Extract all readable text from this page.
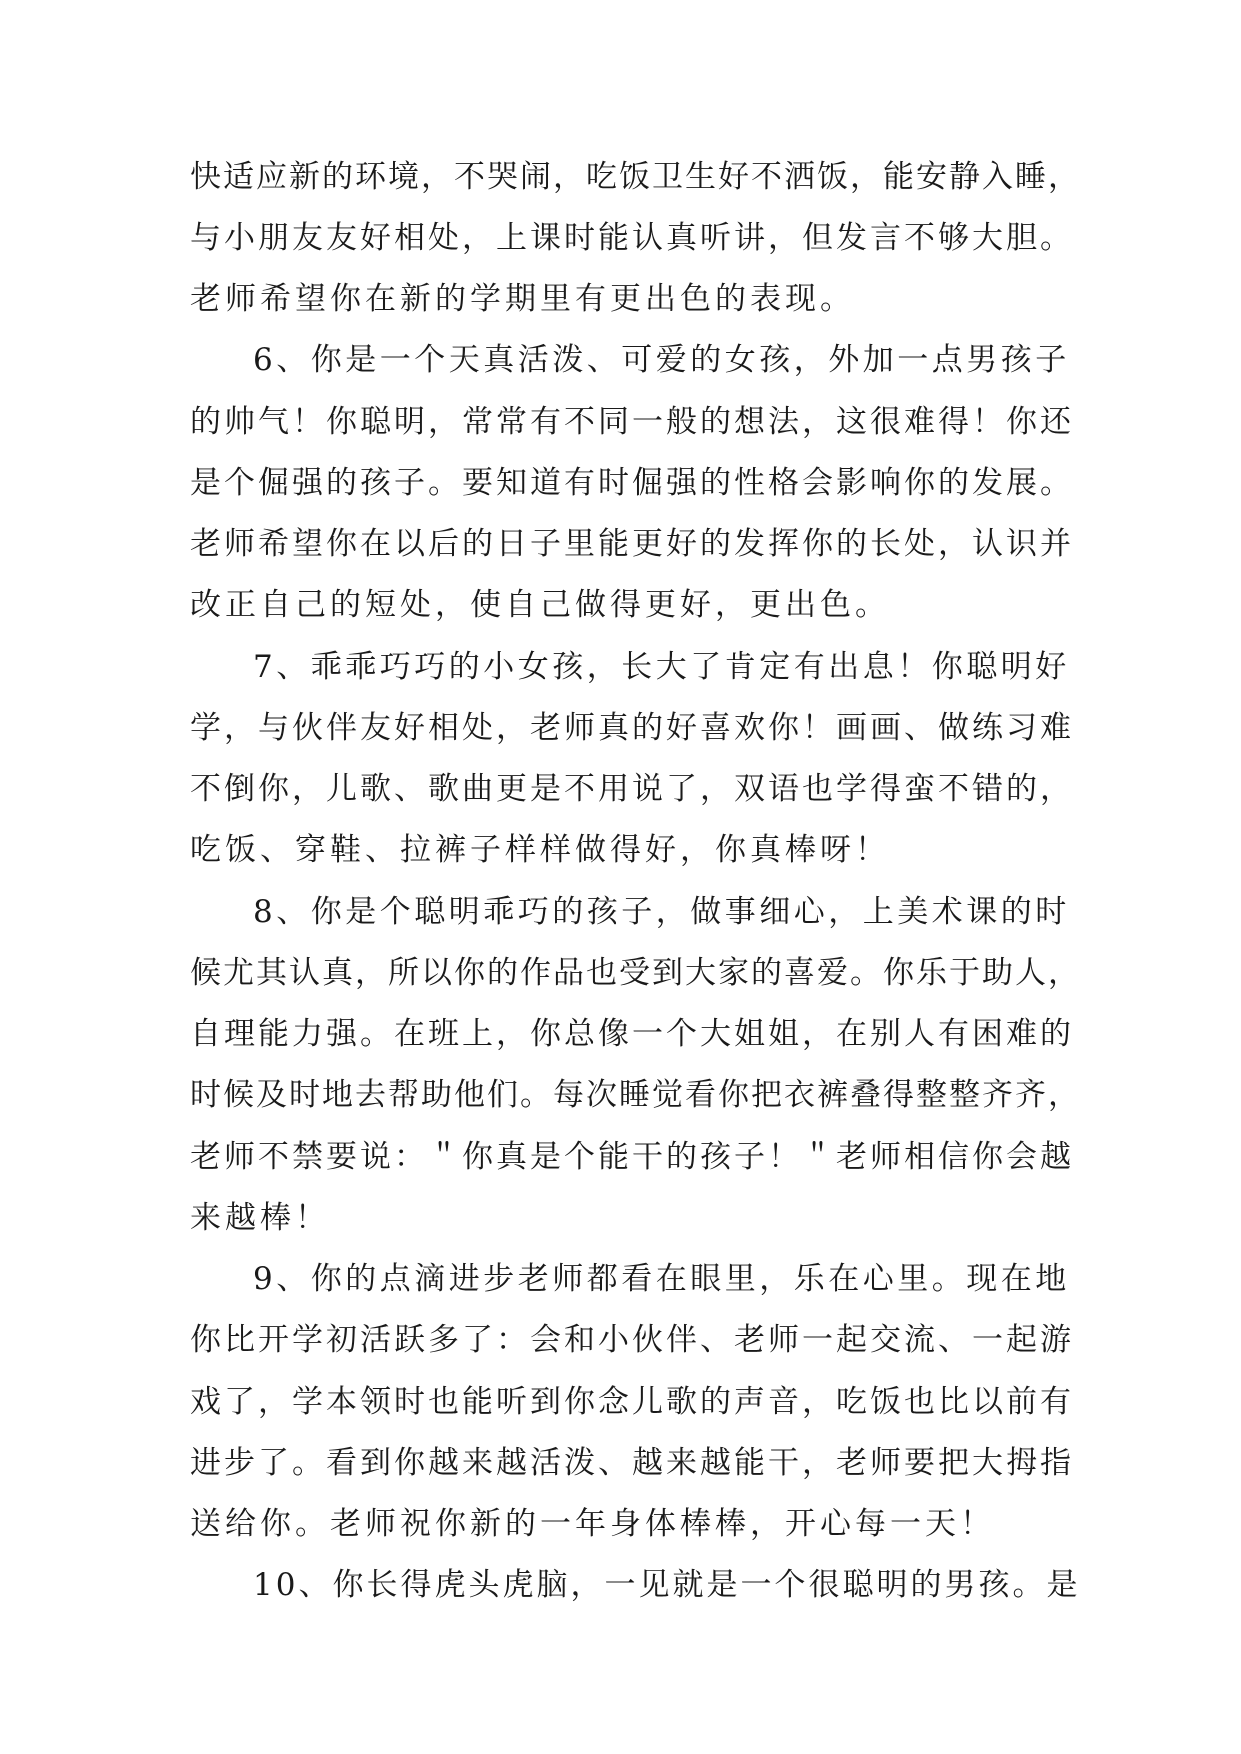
快适应新的环境，不哭闹，吃饭卫生好不洒饭，能安静入睡，
与小朋友友好相处，上课时能认真听讲，但发言不够大胆。
老师希望你在新的学期里有更出色的表现。
6、你是一个天真活泼、可爱的女孩，外加一点男孩子
的帅气！你聪明，常常有不同一般的想法，这很难得！你还
是个倔强的孩子。要知道有时倔强的性格会影响你的发展。
老师希望你在以后的日子里能更好的发挥你的长处，认识并
改正自己的短处，使自己做得更好，更出色。
7、乖乖巧巧的小女孩，长大了肯定有出息！你聪明好
学，与伙伴友好相处，老师真的好喜欢你！画画、做练习难
不倒你，儿歌、歌曲更是不用说了，双语也学得蛮不错的，
吃饭、穿鞋、拉裤子样样做得好，你真棒呀！
8、你是个聪明乖巧的孩子，做事细心，上美术课的时
候尤其认真，所以你的作品也受到大家的喜爱。你乐于助人，
自理能力强。在班上，你总像一个大姐姐，在别人有困难的
时候及时地去帮助他们。每次睡觉看你把衣裤叠得整整齐齐，
老师不禁要说：＂你真是个能干的孩子！＂老师相信你会越
来越棒！
9、你的点滴进步老师都看在眼里，乐在心里。现在地
你比开学初活跃多了：会和小伙伴、老师一起交流、一起游
戏了，学本领时也能听到你念儿歌的声音，吃饭也比以前有
进步了。看到你越来越活泼、越来越能干，老师要把大拇指
送给你。老师祝你新的一年身体棒棒，开心每一天！
10、你长得虎头虎脑，一见就是一个很聪明的男孩。是
